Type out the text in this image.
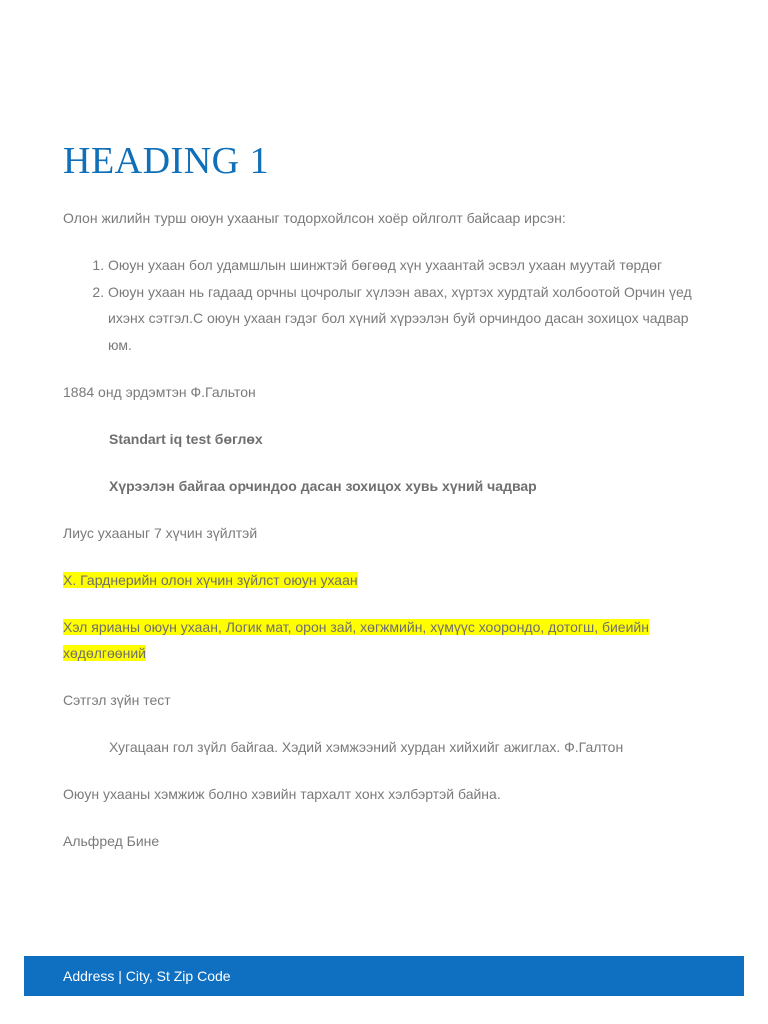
HEADING 1

Олон жилийн турш оюун ухааныг тодорхойлсон хоёр ойлголт байсаар ирсэн:

1. Оюун ухаан бол удамшлын шинжтэй бөгөөд хүн ухаантай эсвэл ухаан муутай төрдөг
2. Оюун ухаан нь гадаад орчны цочролыг хүлээн авах, хүртэх хурдтай холбоотой Орчин үед ихэнх сэтгэл.С оюун ухаан гэдэг бол хүний хүрээлэн буй орчиндоо дасан зохицох чадвар юм.

1884 онд эрдэмтэн Ф.Гальтон

Standart iq test бөглөх

Хүрээлэн байгаа орчиндоо дасан зохицох хувь хүний чадвар

Лиус ухааныг 7 хүчин зүйлтэй

Х. Гарднерийн олон хүчин зүйлст оюун ухаан

Хэл ярианы оюун ухаан, Логик мат, орон зай, хөгжмийн, хүмүүс хоорондо, дотогш, биеийн хөдөлгөөний

Сэтгэл зүйн тест

Хугацаан гол зүйл байгаа. Хэдий хэмжээний хурдан хийхийг ажиглах. Ф.Галтон

Оюун ухааны хэмжиж болно хэвийн тархалт хонх хэлбэртэй байна.

Альфред Бине

Address | City, St Zip Code
